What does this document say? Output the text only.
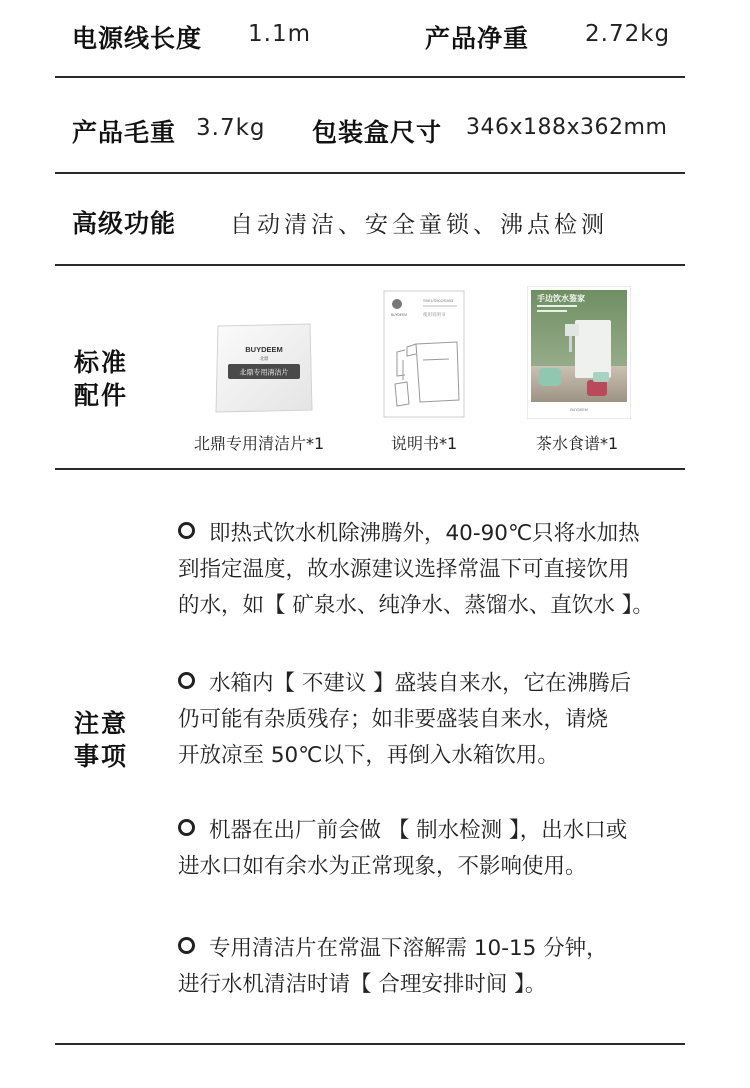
电源线长度 1.1m	产品净重 2.72kg
产品毛重 3.7kg 包装盒尺寸 346x188x362mm
高级功能 自动清洁、安全童锁、沸点检测
标准
配件
BUYDEEM
北鼎
北鼎专用清洁片
北鼎专用清洁片*1
BUYDEEM
S901/S902/S903
使用说明书
说明书*1
手边饮水鉴家
BUYDEEM
茶水食谱*1
注意
事项
即热式饮水机除沸腾外，40-90℃只将水加热
到指定温度，故水源建议选择常温下可直接饮用
的水，如【 矿泉水、纯净水、蒸馏水、直饮水 】。
水箱内【 不建议 】盛装自来水，它在沸腾后
仍可能有杂质残存；如非要盛装自来水，请烧
开放凉至 50℃以下，再倒入水箱饮用。
机器在出厂前会做 【 制水检测 】，出水口或
进水口如有余水为正常现象，不影响使用。
专用清洁片在常温下溶解需 10-15 分钟，
进行水机清洁时请【 合理安排时间 】。
